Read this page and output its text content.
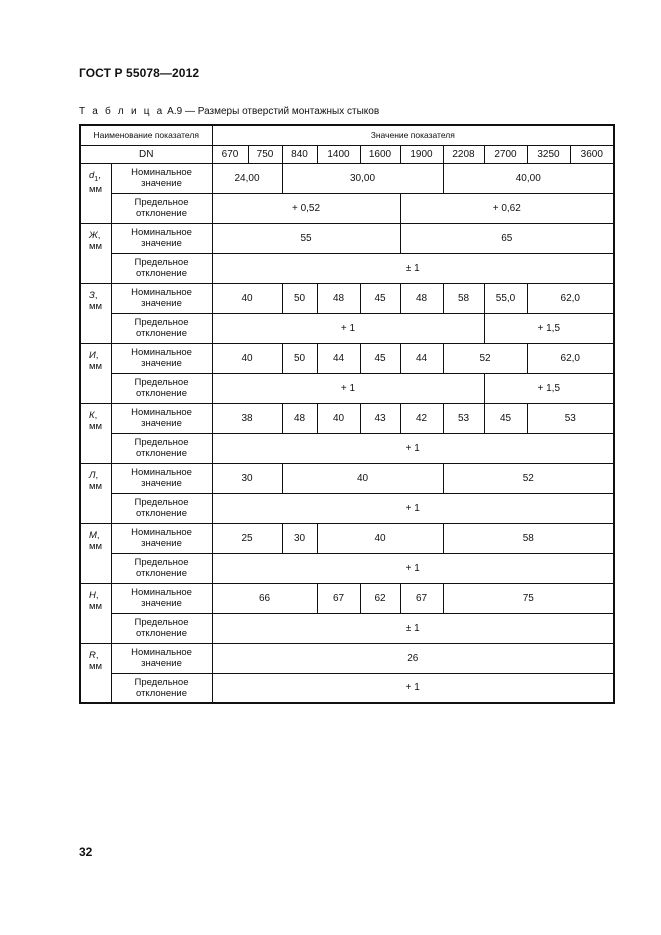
ГОСТ Р 55078—2012
Т а б л и ц а А.9 — Размеры отверстий монтажных стыков
Наименование показателя		Значение показателя									
DN		670	750	840	1400	1600	1900	2208	2700	3250	3600
$d_1$,
мм	Номинальное значение	24,00		30,00				40,00			
	Предельное отклонение	+ 0,52					+ 0,62				
Ж,
мм	Номинальное значение	55					65				
	Предельное отклонение	± 1									
З,
мм	Номинальное значение	40		50	48	45	48	58	55,0	62,0	
	Предельное отклонение	+ 1							+ 1,5		
И,
мм	Номинальное значение	40		50	44	45	44	52		62,0	
	Предельное отклонение	+ 1							+ 1,5		
К,
мм	Номинальное значение	38		48	40	43	42	53	45	53	
	Предельное отклонение	+ 1									
Л,
мм	Номинальное значение	30		40				52			
	Предельное отклонение	+ 1									
М,
мм	Номинальное значение	25		30	40			58			
	Предельное отклонение	+ 1									
Н,
мм	Номинальное значение	66			67	62	67	75			
	Предельное отклонение	± 1									
R,
мм	Номинальное значение	26									
	Предельное отклонение	+ 1									
32
